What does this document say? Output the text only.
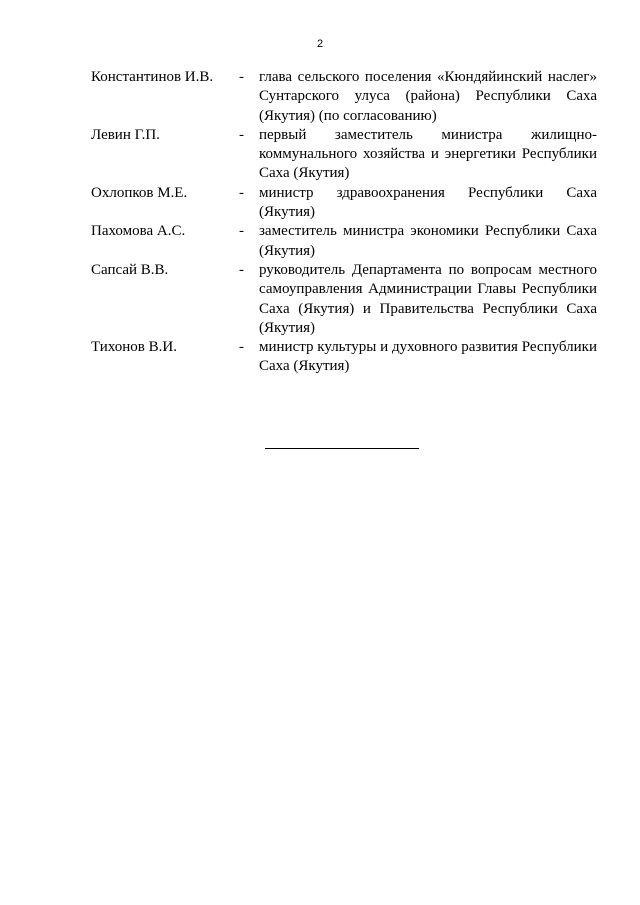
2
Константинов И.В.	-	глава сельского поселения «Кюндяйинский наслег» Сунтарского улуса (района) Республики Саха (Якутия) (по согласованию)
Левин Г.П.	-	первый заместитель министра жилищно-коммунального хозяйства и энергетики Республики Саха (Якутия)
Охлопков М.Е.	-	министр здравоохранения Республики Саха (Якутия)
Пахомова А.С.	-	заместитель министра экономики Республики Саха (Якутия)
Сапсай В.В.	-	руководитель Департамента по вопросам местного самоуправления Администрации Главы Республики Саха (Якутия) и Правительства Республики Саха (Якутия)
Тихонов В.И.	-	министр культуры и духовного развития Республики Саха (Якутия)
